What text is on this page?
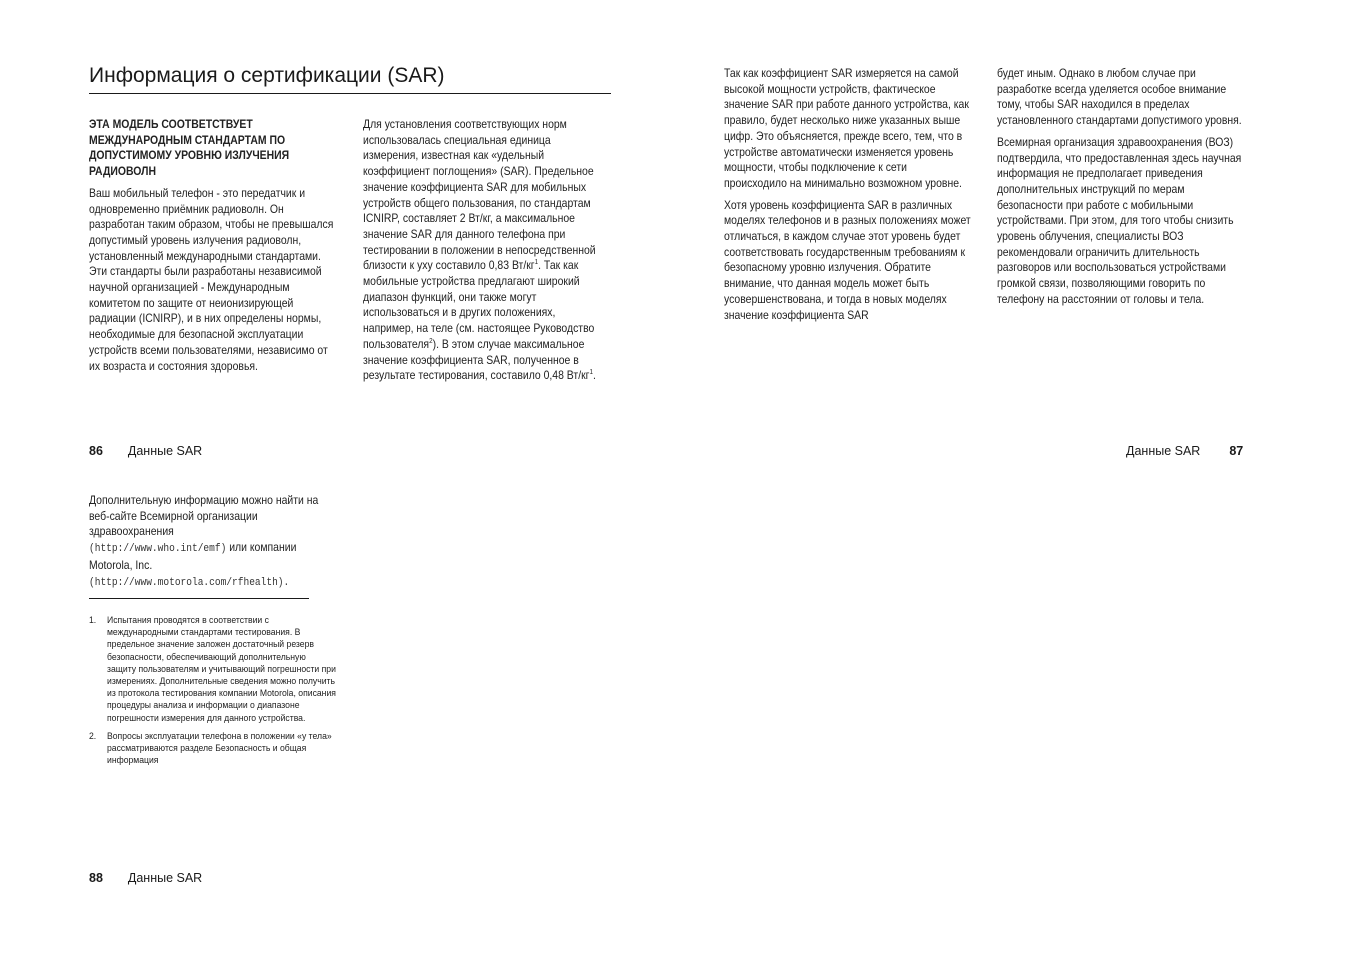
Информация о сертификации (SAR)
ЭТА МОДЕЛЬ СООТВЕТСТВУЕТ МЕЖДУНАРОДНЫМ СТАНДАРТАМ ПО ДОПУСТИМОМУ УРОВНЮ ИЗЛУЧЕНИЯ РАДИОВОЛН

Ваш мобильный телефон - это передатчик и одновременно приёмник радиоволн. Он разработан таким образом, чтобы не превышался допустимый уровень излучения радиоволн, установленный международными стандартами. Эти стандарты были разработаны независимой научной организацией - Международным комитетом по защите от неионизирующей радиации (ICNIRP), и в них определены нормы, необходимые для безопасной эксплуатации устройств всеми пользователями, независимо от их возраста и состояния здоровья.

Для установления соответствующих норм использовалась специальная единица измерения, известная как «удельный коэффициент поглощения» (SAR). Предельное значение коэффициента SAR для мобильных устройств общего пользования, по стандартам ICNIRP, составляет 2 Вт/кг, а максимальное значение SAR для данного телефона при тестировании в положении в непосредственной близости к уху составило 0,83 $Вт/кг^1$. Так как мобильные устройства предлагают широкий диапазон функций, они также могут использоваться и в других положениях, например, на теле (см. настоящее Руководство пользователя$^2$). В этом случае максимальное значение коэффициента SAR, полученное в результате тестирования, составило 0,48 $Вт/кг^1$.

86 Данные SAR

Так как коэффициент SAR измеряется на самой высокой мощности устройств, фактическое значение SAR при работе данного устройства, как правило, будет несколько ниже указанных выше цифр. Это объясняется, прежде всего, тем, что в устройстве автоматически изменяется уровень мощности, чтобы подключение к сети происходило на минимально возможном уровне.

Хотя уровень коэффициента SAR в различных моделях телефонов и в разных положениях может отличаться, в каждом случае этот уровень будет соответствовать государственным требованиям к безопасному уровню излучения. Обратите внимание, что данная модель может быть усовершенствована, и тогда в новых моделях значение коэффициента SAR

будет иным. Однако в любом случае при разработке всегда уделяется особое внимание тому, чтобы SAR находился в пределах установленного стандартами допустимого уровня.

Всемирная организация здравоохранения (ВОЗ) подтвердила, что предоставленная здесь научная информация не предполагает приведения дополнительных инструкций по мерам безопасности при работе с мобильными устройствами. При этом, для того чтобы снизить уровень облучения, специалисты ВОЗ рекомендовали ограничить длительность разговоров или воспользоваться устройствами громкой связи, позволяющими говорить по телефону на расстоянии от головы и тела.

Данные SAR 87

Дополнительную информацию можно найти на веб-сайте Всемирной организации здравоохранения
(http://www.who.int/emf) или компании Motorola, Inc.
(http://www.motorola.com/rfhealth).

1. Испытания проводятся в соответствии с международными стандартами тестирования. В предельное значение заложен достаточный резерв безопасности, обеспечивающий дополнительную защиту пользователям и учитывающий погрешности при измерениях. Дополнительные сведения можно получить из протокола тестирования компании Motorola, описания процедуры анализа и информации о диапазоне погрешности измерения для данного устройства.
2. Вопросы эксплуатации телефона в положении «у тела» рассматриваются разделе Безопасность и общая информация
88 Данные SAR
